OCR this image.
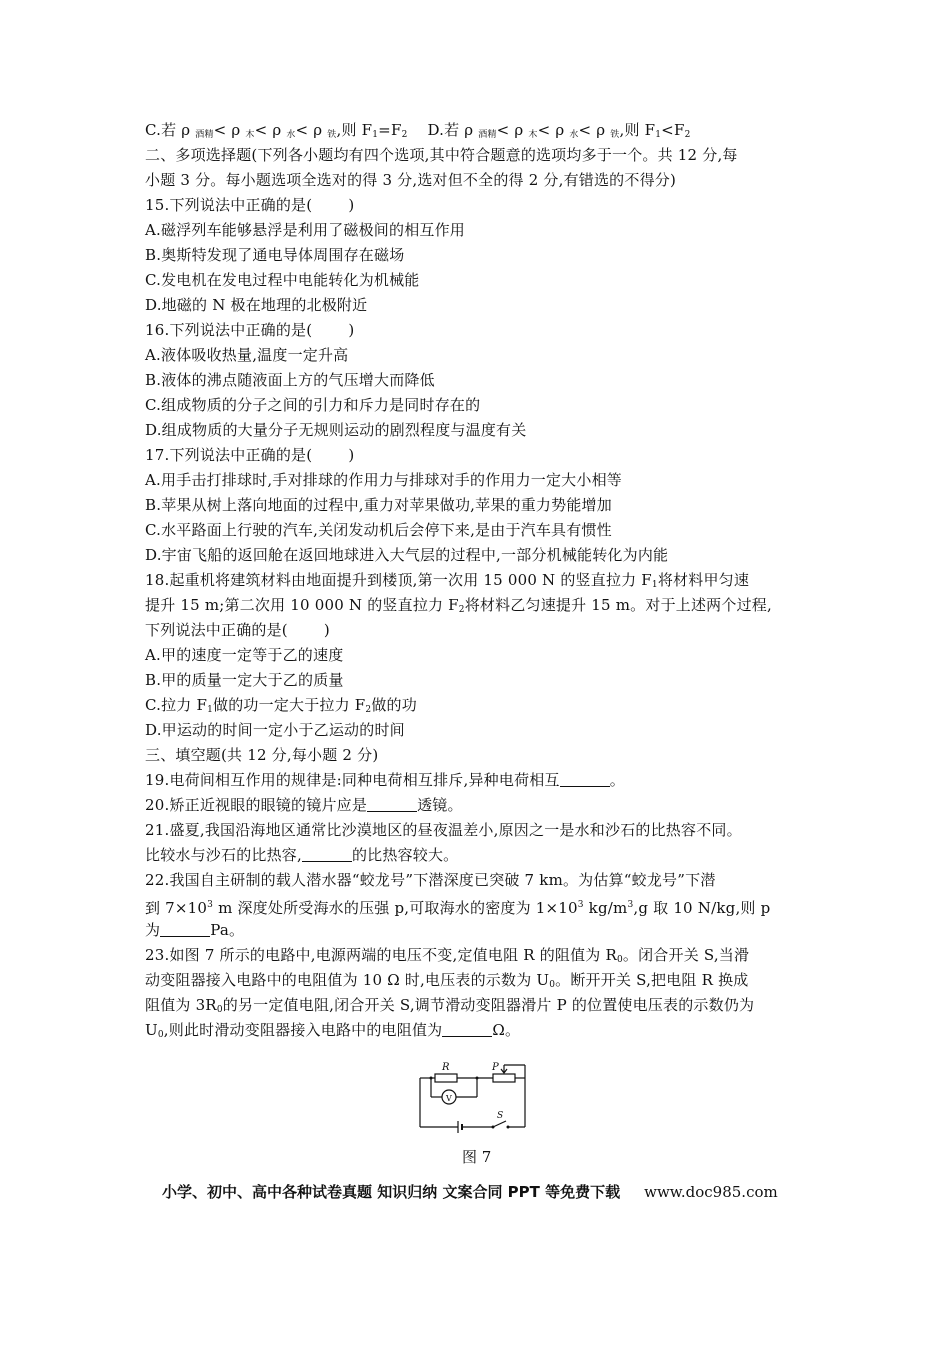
C.若 ρ $_{酒精}$< ρ $_木$< ρ $_水$< ρ $_铁$,则 $F_1=F_2$ D.若 ρ $_{酒精}$< ρ $_木$< ρ $_水$< ρ $_铁$,则 $F_1<F_2$
二、多项选择题(下列各小题均有四个选项,其中符合题意的选项均多于一个。共 12 分,每
小题 3 分。每小题选项全选对的得 3 分,选对但不全的得 2 分,有错选的不得分)
15.下列说法中正确的是( )
A.磁浮列车能够悬浮是利用了磁极间的相互作用
B.奥斯特发现了通电导体周围存在磁场
C.发电机在发电过程中电能转化为机械能
D.地磁的 N 极在地理的北极附近
16.下列说法中正确的是( )
A.液体吸收热量,温度一定升高
B.液体的沸点随液面上方的气压增大而降低
C.组成物质的分子之间的引力和斥力是同时存在的
D.组成物质的大量分子无规则运动的剧烈程度与温度有关
17.下列说法中正确的是( )
A.用手击打排球时,手对排球的作用力与排球对手的作用力一定大小相等
B.苹果从树上落向地面的过程中,重力对苹果做功,苹果的重力势能增加
C.水平路面上行驶的汽车,关闭发动机后会停下来,是由于汽车具有惯性
D.宇宙飞船的返回舱在返回地球进入大气层的过程中,一部分机械能转化为内能
18.起重机将建筑材料由地面提升到楼顶,第一次用 15 000 N 的竖直拉力 $F_1$将材料甲匀速
提升 15 m;第二次用 10 000 N 的竖直拉力 $F_2$将材料乙匀速提升 15 m。对于上述两个过程,
下列说法中正确的是( )
A.甲的速度一定等于乙的速度
B.甲的质量一定大于乙的质量
C.拉力 $F_1$做的功一定大于拉力 $F_2$做的功
D.甲运动的时间一定小于乙运动的时间
三、填空题(共 12 分,每小题 2 分)
19.电荷间相互作用的规律是:同种电荷相互排斥,异种电荷相互	。
20.矫正近视眼的眼镜的镜片应是	透镜。
21.盛夏,我国沿海地区通常比沙漠地区的昼夜温差小,原因之一是水和沙石的比热容不同。
比较水与沙石的比热容,	的比热容较大。
22.我国自主研制的载人潜水器“蛟龙号”下潜深度已突破 7 km。为估算“蛟龙号”下潜
到 $7\times 10^3$ m 深度处所受海水的压强 p,可取海水的密度为 $1\times 10^3$ $kg/m^3,g$ 取 10 N/kg,则 p
为	Pa。
23.如图 7 所示的电路中,电源两端的电压不变,定值电阻 R 的阻值为 $R_0$。闭合开关 S,当滑
动变阻器接入电路中的电阻值为 10 Ω 时,电压表的示数为 $U_0$。断开开关 S,把电阻 R 换成
阻值为 $3R_0$的另一定值电阻,闭合开关 S,调节滑动变阻器滑片 P 的位置使电压表的示数仍为
$U_0$,则此时滑动变阻器接入电路中的电阻值为	Ω。
R	P
V
S
图 7
小学、初中、高中各种试卷真题 知识归纳 文案合同 PPT 等免费下载 www.doc985.com
